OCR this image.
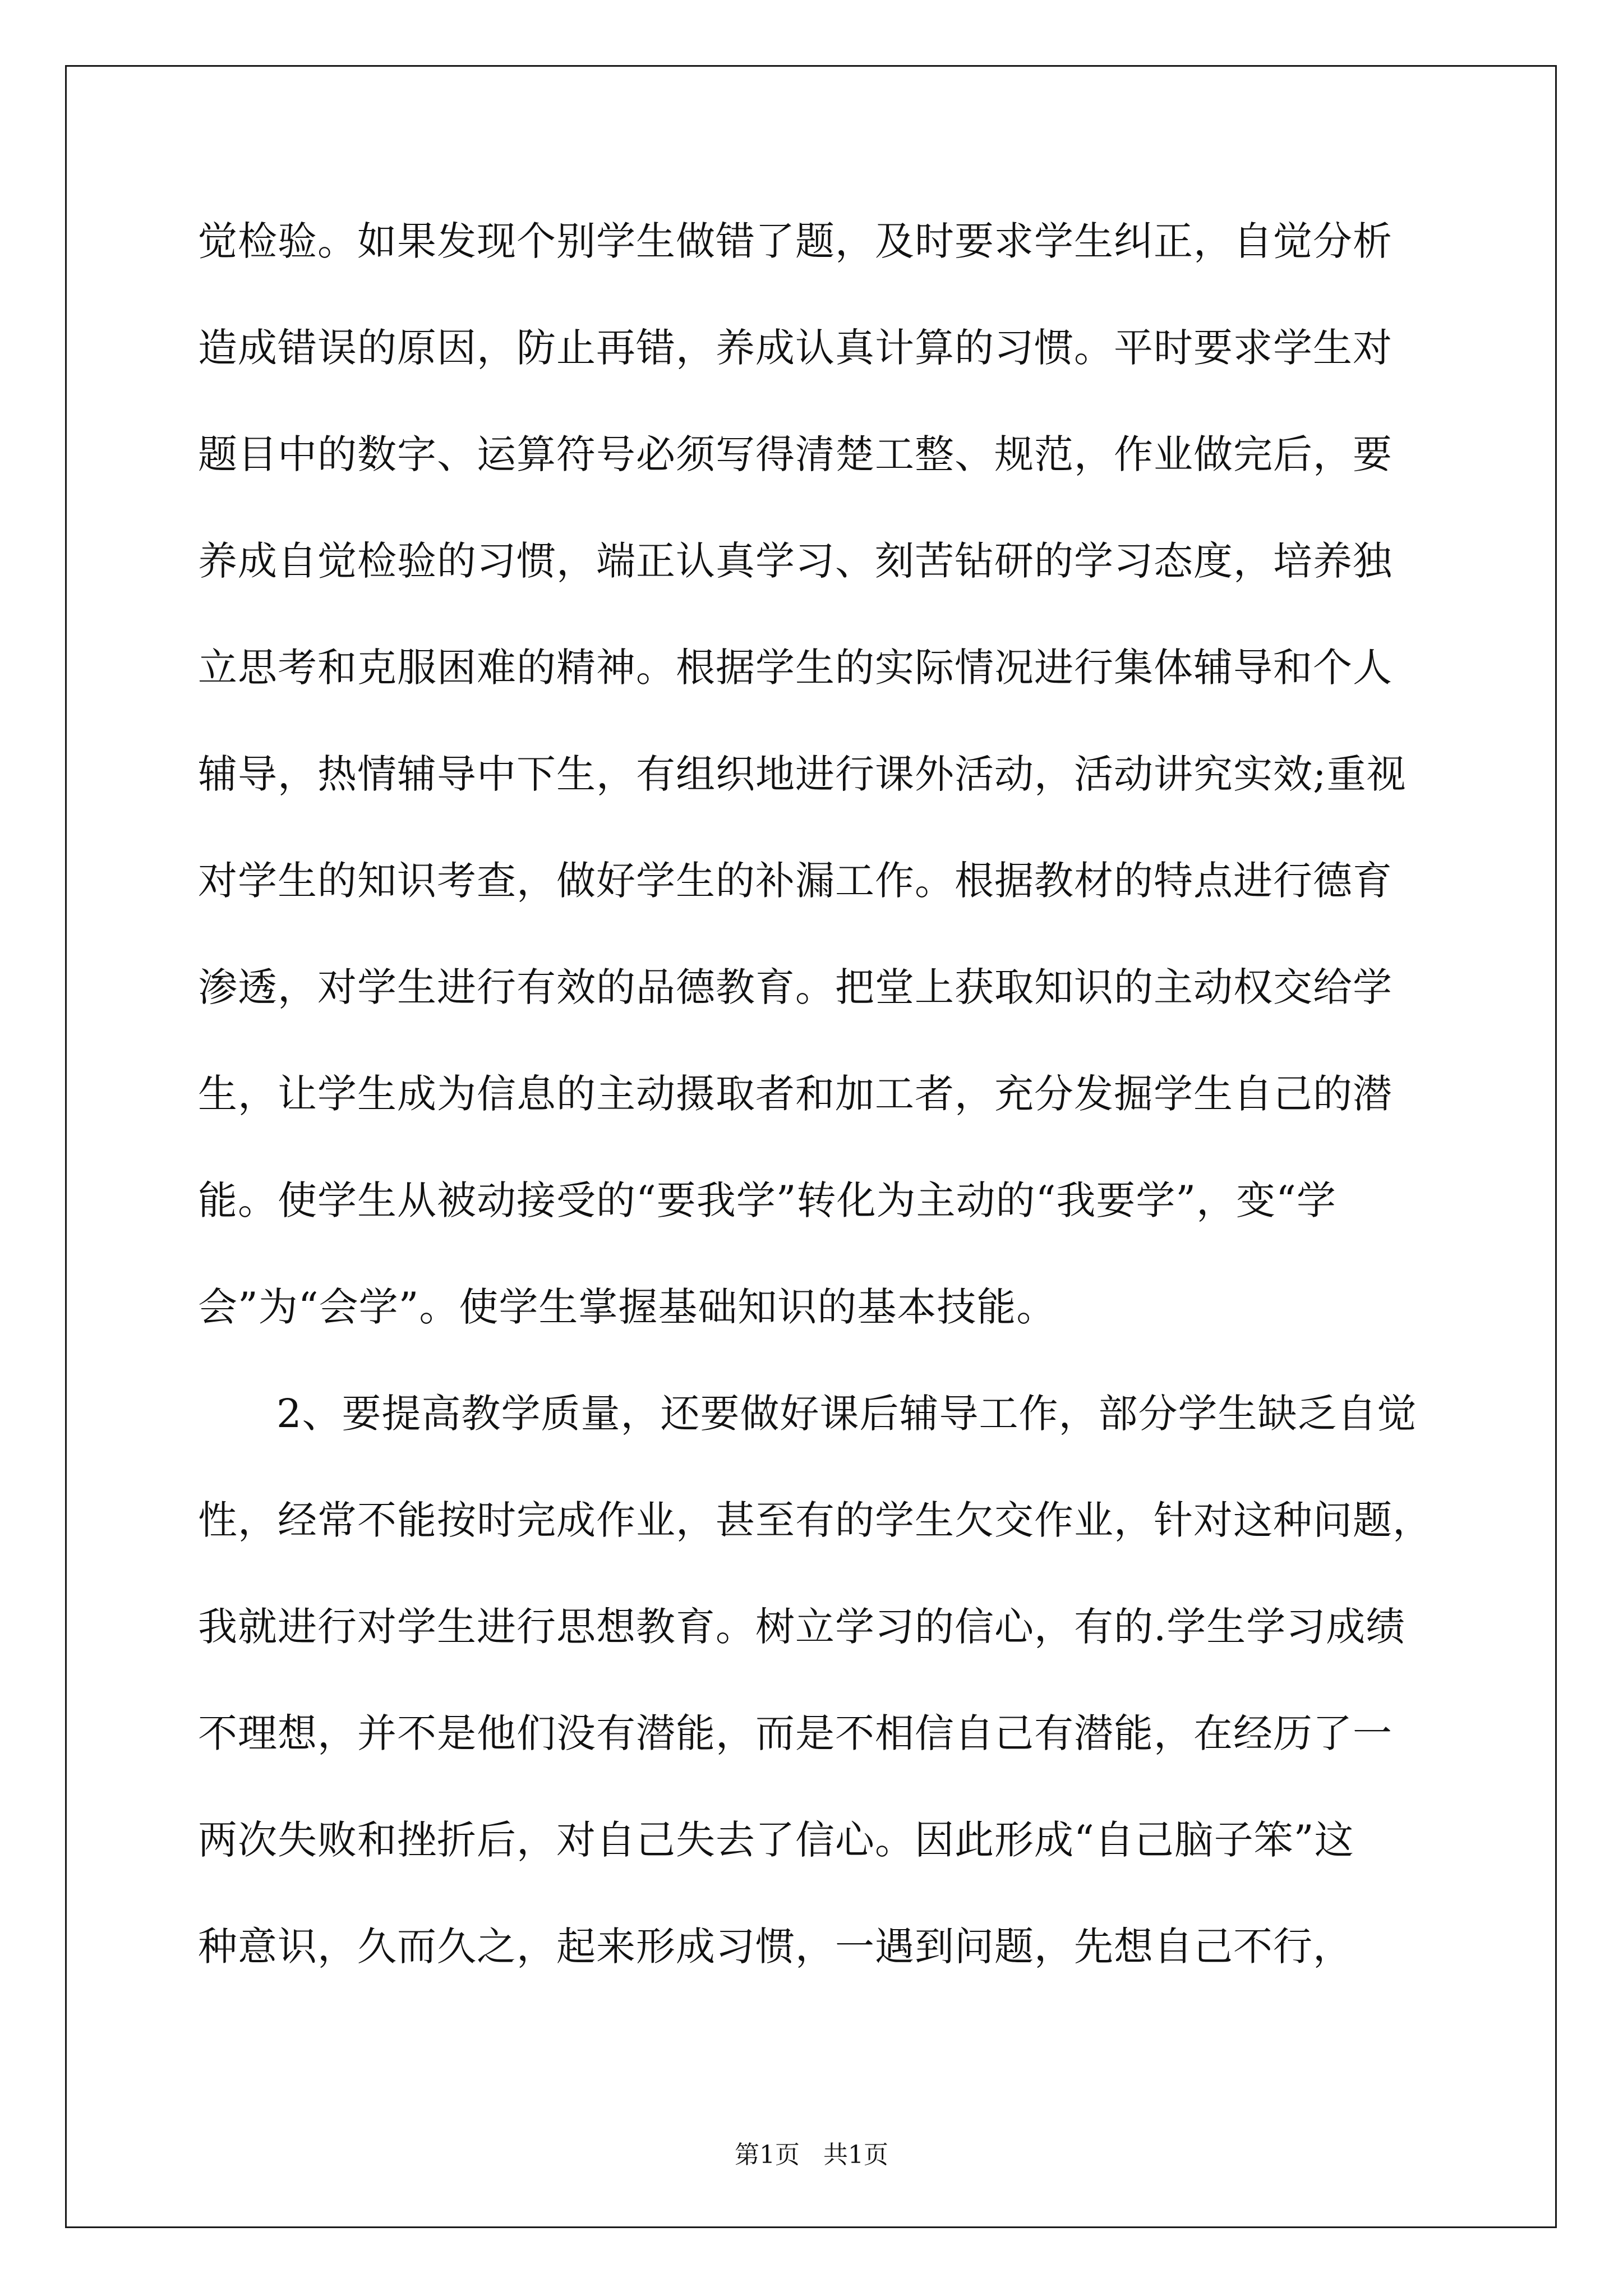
觉检验。如果发现个别学生做错了题，及时要求学生纠正，自觉分析
造成错误的原因，防止再错，养成认真计算的习惯。平时要求学生对
题目中的数字、运算符号必须写得清楚工整、规范，作业做完后，要
养成自觉检验的习惯，端正认真学习、刻苦钻研的学习态度，培养独
立思考和克服困难的精神。根据学生的实际情况进行集体辅导和个人
辅导，热情辅导中下生，有组织地进行课外活动，活动讲究实效;重视
对学生的知识考查，做好学生的补漏工作。根据教材的特点进行德育
渗透，对学生进行有效的品德教育。把堂上获取知识的主动权交给学
生，让学生成为信息的主动摄取者和加工者，充分发掘学生自己的潜
能。使学生从被动接受的“要我学”转化为主动的“我要学”，变“学
会”为“会学”。使学生掌握基础知识的基本技能。
2、要提高教学质量，还要做好课后辅导工作，部分学生缺乏自觉
性，经常不能按时完成作业，甚至有的学生欠交作业，针对这种问题，
我就进行对学生进行思想教育。树立学习的信心，有的.学生学习成绩
不理想，并不是他们没有潜能，而是不相信自己有潜能，在经历了一
两次失败和挫折后，对自己失去了信心。因此形成“自己脑子笨”这
种意识，久而久之，起来形成习惯，一遇到问题，先想自己不行，
第1页   共1页
